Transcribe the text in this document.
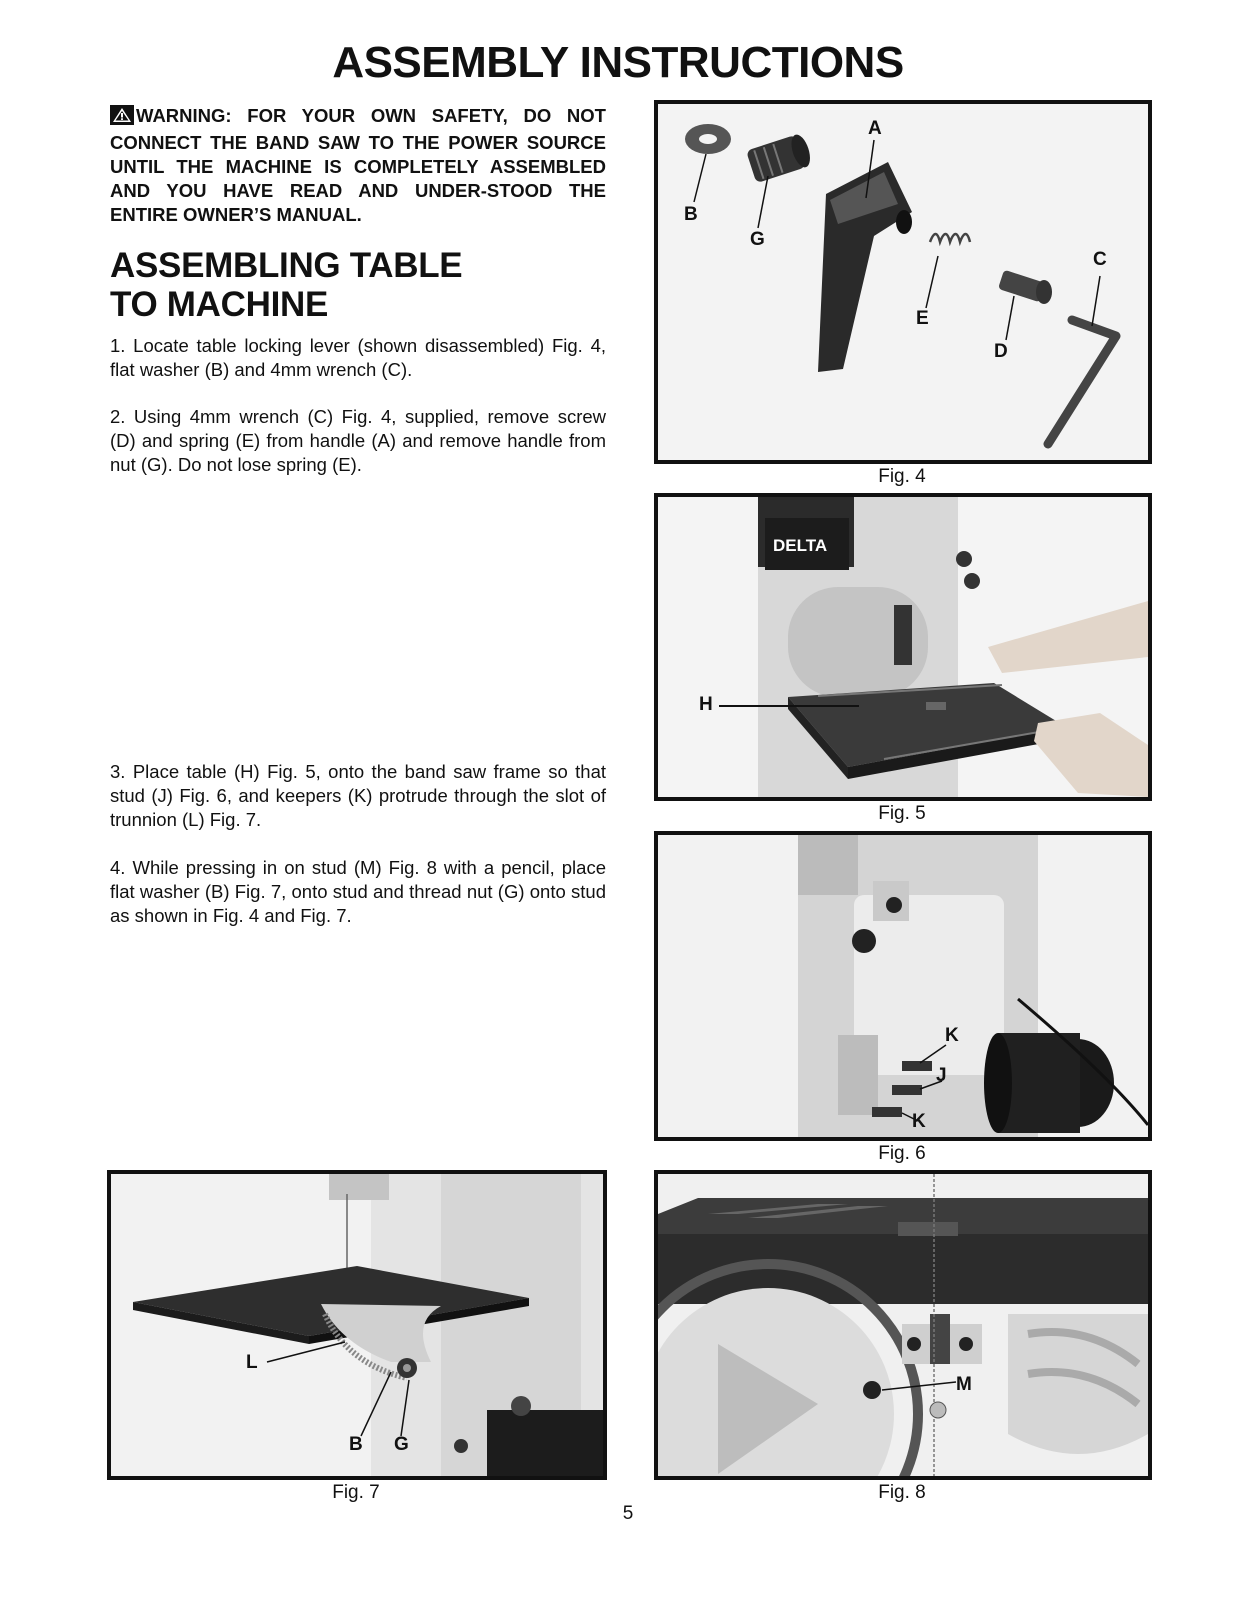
ASSEMBLY INSTRUCTIONS
WARNING: FOR YOUR OWN SAFETY, DO NOT CONNECT THE BAND SAW TO THE POWER SOURCE UNTIL THE MACHINE IS COMPLETELY ASSEMBLED AND YOU HAVE READ AND UNDER-STOOD THE ENTIRE OWNER’S MANUAL.
ASSEMBLING TABLE
TO MACHINE
1. Locate table locking lever (shown disassembled) Fig. 4, flat washer (B) and 4mm wrench (C).
2. Using 4mm wrench (C) Fig. 4, supplied, remove screw (D) and spring (E) from handle (A) and remove handle from nut (G). Do not lose spring (E).
3. Place table (H) Fig. 5, onto the band saw frame so that stud (J) Fig. 6, and keepers (K) protrude through the slot of trunnion (L) Fig. 7.
4. While pressing in on stud (M) Fig. 8 with a pencil, place flat washer (B) Fig. 7, onto stud and thread nut (G) onto stud as shown in Fig. 4 and Fig. 7.
A
B
G
C
E
D
Fig. 4
DELTA
H
Fig. 5
K
J
K
Fig. 6
L
B G
Fig. 7
M
Fig. 8
5
